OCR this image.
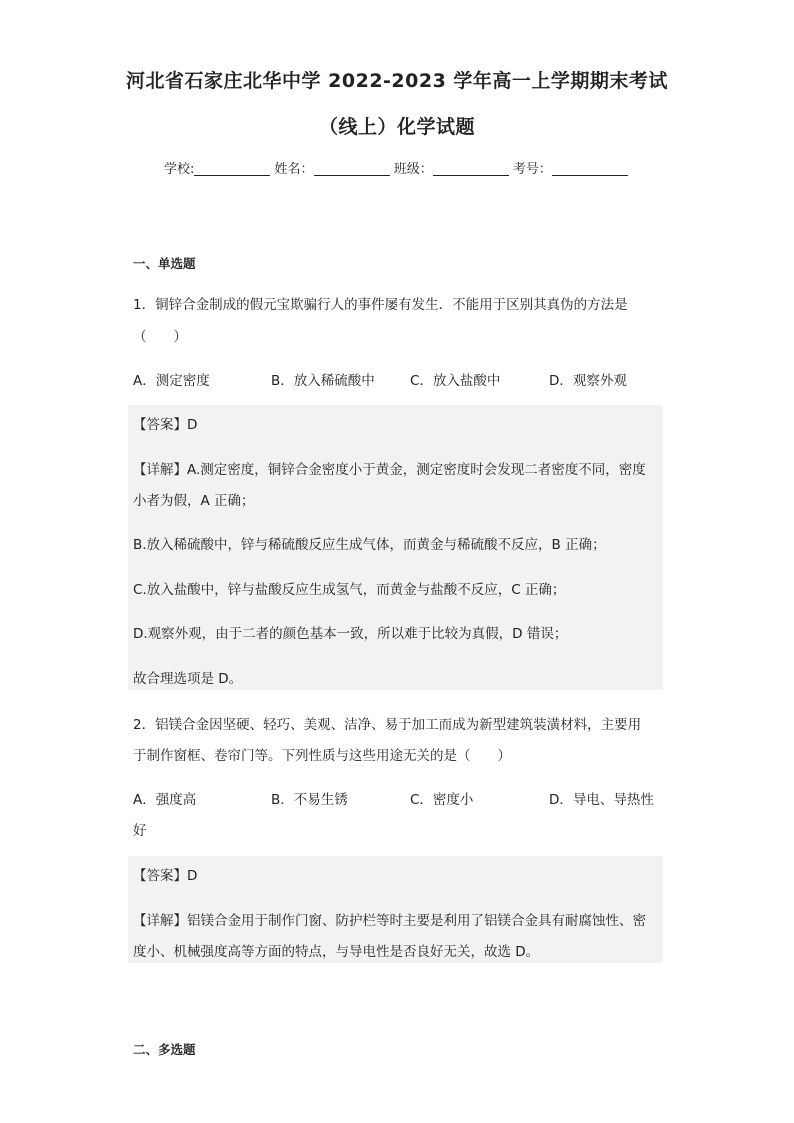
河北省石家庄北华中学 2022-2023 学年高一上学期期末考试
（线上）化学试题
学校:	姓名：	班级：	考号：
一、单选题
1．铜锌合金制成的假元宝欺骗行人的事件屡有发生．不能用于区别其真伪的方法是
（　　）
A．测定密度	B．放入稀硫酸中	C．放入盐酸中	D．观察外观
【答案】D
【详解】A.测定密度，铜锌合金密度小于黄金，测定密度时会发现二者密度不同，密度
小者为假，A 正确；
B.放入稀硫酸中，锌与稀硫酸反应生成气体，而黄金与稀硫酸不反应，B 正确；
C.放入盐酸中，锌与盐酸反应生成氢气，而黄金与盐酸不反应，C 正确；
D.观察外观，由于二者的颜色基本一致，所以难于比较为真假，D 错误；
故合理选项是 D。
2．铝镁合金因坚硬、轻巧、美观、洁净、易于加工而成为新型建筑装潢材料，主要用
于制作窗框、卷帘门等。下列性质与这些用途无关的是（　　）
A．强度高	B．不易生锈	C．密度小	D．导电、导热性
好
【答案】D
【详解】铝镁合金用于制作门窗、防护栏等时主要是利用了铝镁合金具有耐腐蚀性、密
度小、机械强度高等方面的特点，与导电性是否良好无关，故选 D。
二、多选题
